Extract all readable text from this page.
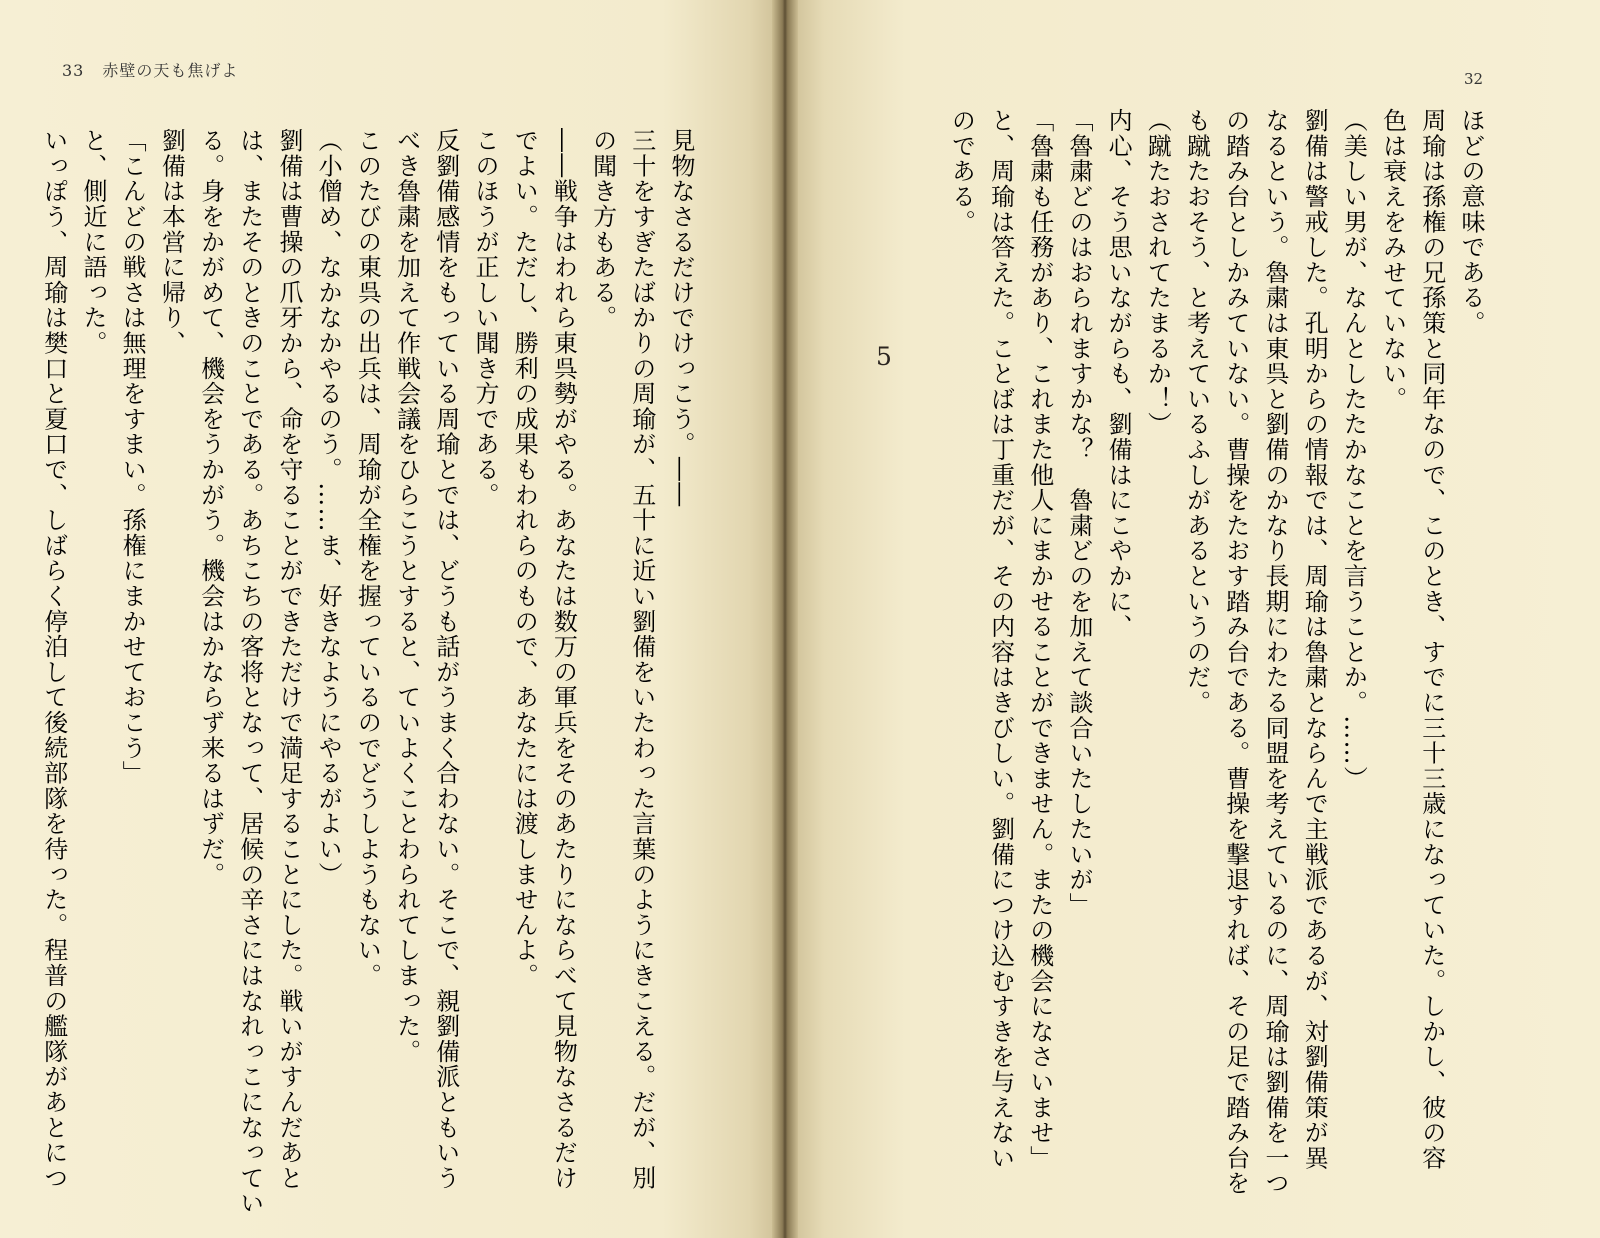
33 赤壁の天も焦げよ	32
5

ほどの意味である。

周瑜は孫権の兄孫策と同年なので、このとき、すでに三十三歳になっていた。しかし、彼の容

色は衰えをみせていない。

（美しい男が、なんとしたたかなことを言うことか。……）

劉備は警戒した。孔明からの情報では、周瑜は魯粛とならんで主戦派であるが、対劉備策が異

なるという。魯粛は東呉と劉備のかなり長期にわたる同盟を考えているのに、周瑜は劉備を一つ

の踏み台としかみていない。曹操をたおす踏み台である。曹操を撃退すれば、その足で踏み台を

も蹴たおそう、と考えているふしがあるというのだ。

（蹴たおされてたまるか！）

内心、そう思いながらも、劉備はにこやかに、

「魯粛どのはおられますかな？　魯粛どのを加えて談合いたしたいが」

「魯粛も任務があり、これまた他人にまかせることができません。またの機会になさいませ」

と、周瑜は答えた。ことばは丁重だが、その内容はきびしい。劉備につけ込むすきを与えない

のである。

見物なさるだけでけっこう。――

三十をすぎたばかりの周瑜が、五十に近い劉備をいたわった言葉のようにきこえる。だが、別

の聞き方もある。

――戦争はわれら東呉勢がやる。あなたは数万の軍兵をそのあたりにならべて見物なさるだけ

でよい。ただし、勝利の成果もわれらのもので、あなたには渡しませんよ。

このほうが正しい聞き方である。

反劉備感情をもっている周瑜とでは、どうも話がうまく合わない。そこで、親劉備派ともいう

べき魯粛を加えて作戦会議をひらこうとすると、ていよくことわられてしまった。

このたびの東呉の出兵は、周瑜が全権を握っているのでどうしようもない。

（小僧め、なかなかやるのう。……ま、好きなようにやるがよい）

劉備は曹操の爪牙から、命を守ることができただけで満足することにした。戦いがすんだあと

は、またそのときのことである。あちこちの客将となって、居候の辛さにはなれっこになってい

る。身をかがめて、機会をうかがう。機会はかならず来るはずだ。

劉備は本営に帰り、

「こんどの戦さは無理をすまい。孫権にまかせておこう」

と、側近に語った。

いっぽう、周瑜は樊口と夏口で、しばらく停泊して後続部隊を待った。程普の艦隊があとにつ
